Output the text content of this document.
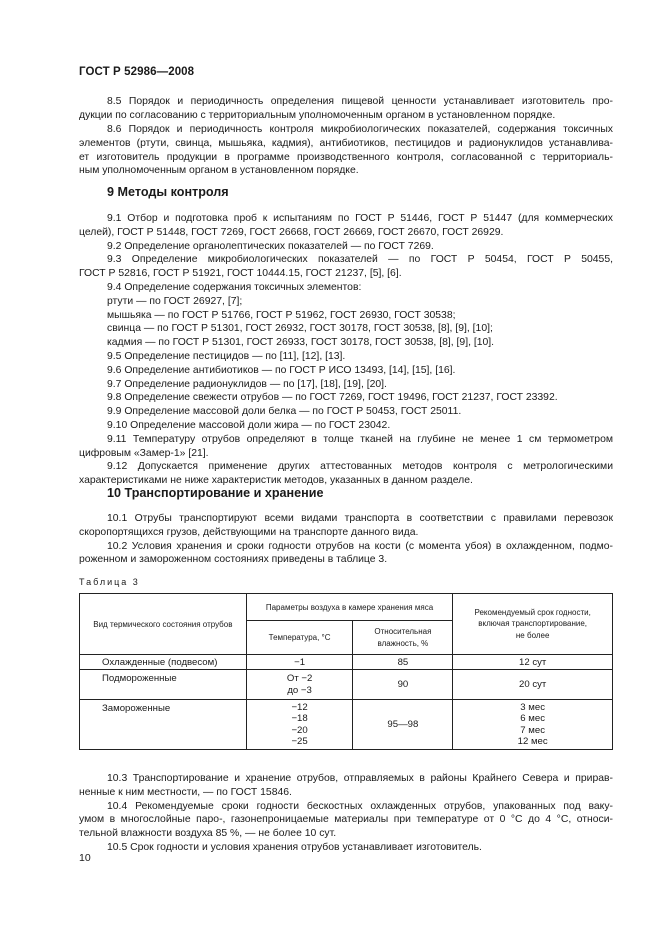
ГОСТ Р 52986—2008
8.5 Порядок и периодичность определения пищевой ценности устанавливает изготовитель про-
дукции по согласованию с территориальным уполномоченным органом в установленном порядке.
8.6 Порядок и периодичность контроля микробиологических показателей, содержания токсичных
элементов (ртути, свинца, мышьяка, кадмия), антибиотиков, пестицидов и радионуклидов устанавлива-
ет изготовитель продукции в программе производственного контроля, согласованной с территориаль-
ным уполномоченным органом в установленном порядке.
9 Методы контроля
9.1 Отбор и подготовка проб к испытаниям по ГОСТ Р 51446, ГОСТ Р 51447 (для коммерческих
целей), ГОСТ Р 51448, ГОСТ 7269, ГОСТ 26668, ГОСТ 26669, ГОСТ 26670, ГОСТ 26929.
9.2 Определение органолептических показателей — по ГОСТ 7269.
9.3 Определение микробиологических показателей — по ГОСТ Р 50454, ГОСТ Р 50455,
ГОСТ Р 52816, ГОСТ Р 51921, ГОСТ 10444.15, ГОСТ 21237, [5], [6].
9.4 Определение содержания токсичных элементов:
ртути — по ГОСТ 26927, [7];
мышьяка — по ГОСТ Р 51766, ГОСТ Р 51962, ГОСТ 26930, ГОСТ 30538;
свинца — по ГОСТ Р 51301, ГОСТ 26932, ГОСТ 30178, ГОСТ 30538, [8], [9], [10];
кадмия — по ГОСТ Р 51301, ГОСТ 26933, ГОСТ 30178, ГОСТ 30538, [8], [9], [10].
9.5 Определение пестицидов — по [11], [12], [13].
9.6 Определение антибиотиков — по ГОСТ Р ИСО 13493, [14], [15], [16].
9.7 Определение радионуклидов — по [17], [18], [19], [20].
9.8 Определение свежести отрубов — по ГОСТ 7269, ГОСТ 19496, ГОСТ 21237, ГОСТ 23392.
9.9 Определение массовой доли белка — по ГОСТ Р 50453, ГОСТ 25011.
9.10 Определение массовой доли жира — по ГОСТ 23042.
9.11 Температуру отрубов определяют в толще тканей на глубине не менее 1 см термометром
цифровым «Замер-1» [21].
9.12 Допускается применение других аттестованных методов контроля с метрологическими
характеристиками не ниже характеристик методов, указанных в данном разделе.
10 Транспортирование и хранение
10.1 Отрубы транспортируют всеми видами транспорта в соответствии с правилами перевозок
скоропортящихся грузов, действующими на транспорте данного вида.
10.2 Условия хранения и сроки годности отрубов на кости (с момента убоя) в охлажденном, подмо-
роженном и замороженном состояниях приведены в таблице 3.
Таблица 3
Вид термического состояния отрубов	Параметры воздуха в камере хранения мяса		Рекомендуемый срок годности,
включая транспортирование,
не более

	Температура, °С	Относительная
влажность, %	

Охлажденные (подвесом)	−1	85	12 сут
Подмороженные	От −2
до −3	90	20 сут
Замороженные	−12
−18
−20
−25	95—98	3 мес
6 мес
7 мес
12 мес
10.3 Транспортирование и хранение отрубов, отправляемых в районы Крайнего Севера и прирав-
ненные к ним местности, — по ГОСТ 15846.
10.4 Рекомендуемые сроки годности бескостных охлажденных отрубов, упакованных под ваку-
умом в многослойные паро-, газонепроницаемые материалы при температуре от 0 °С до 4 °С, относи-
тельной влажности воздуха 85 %, — не более 10 сут.
10.5 Срок годности и условия хранения отрубов устанавливает изготовитель.
10
